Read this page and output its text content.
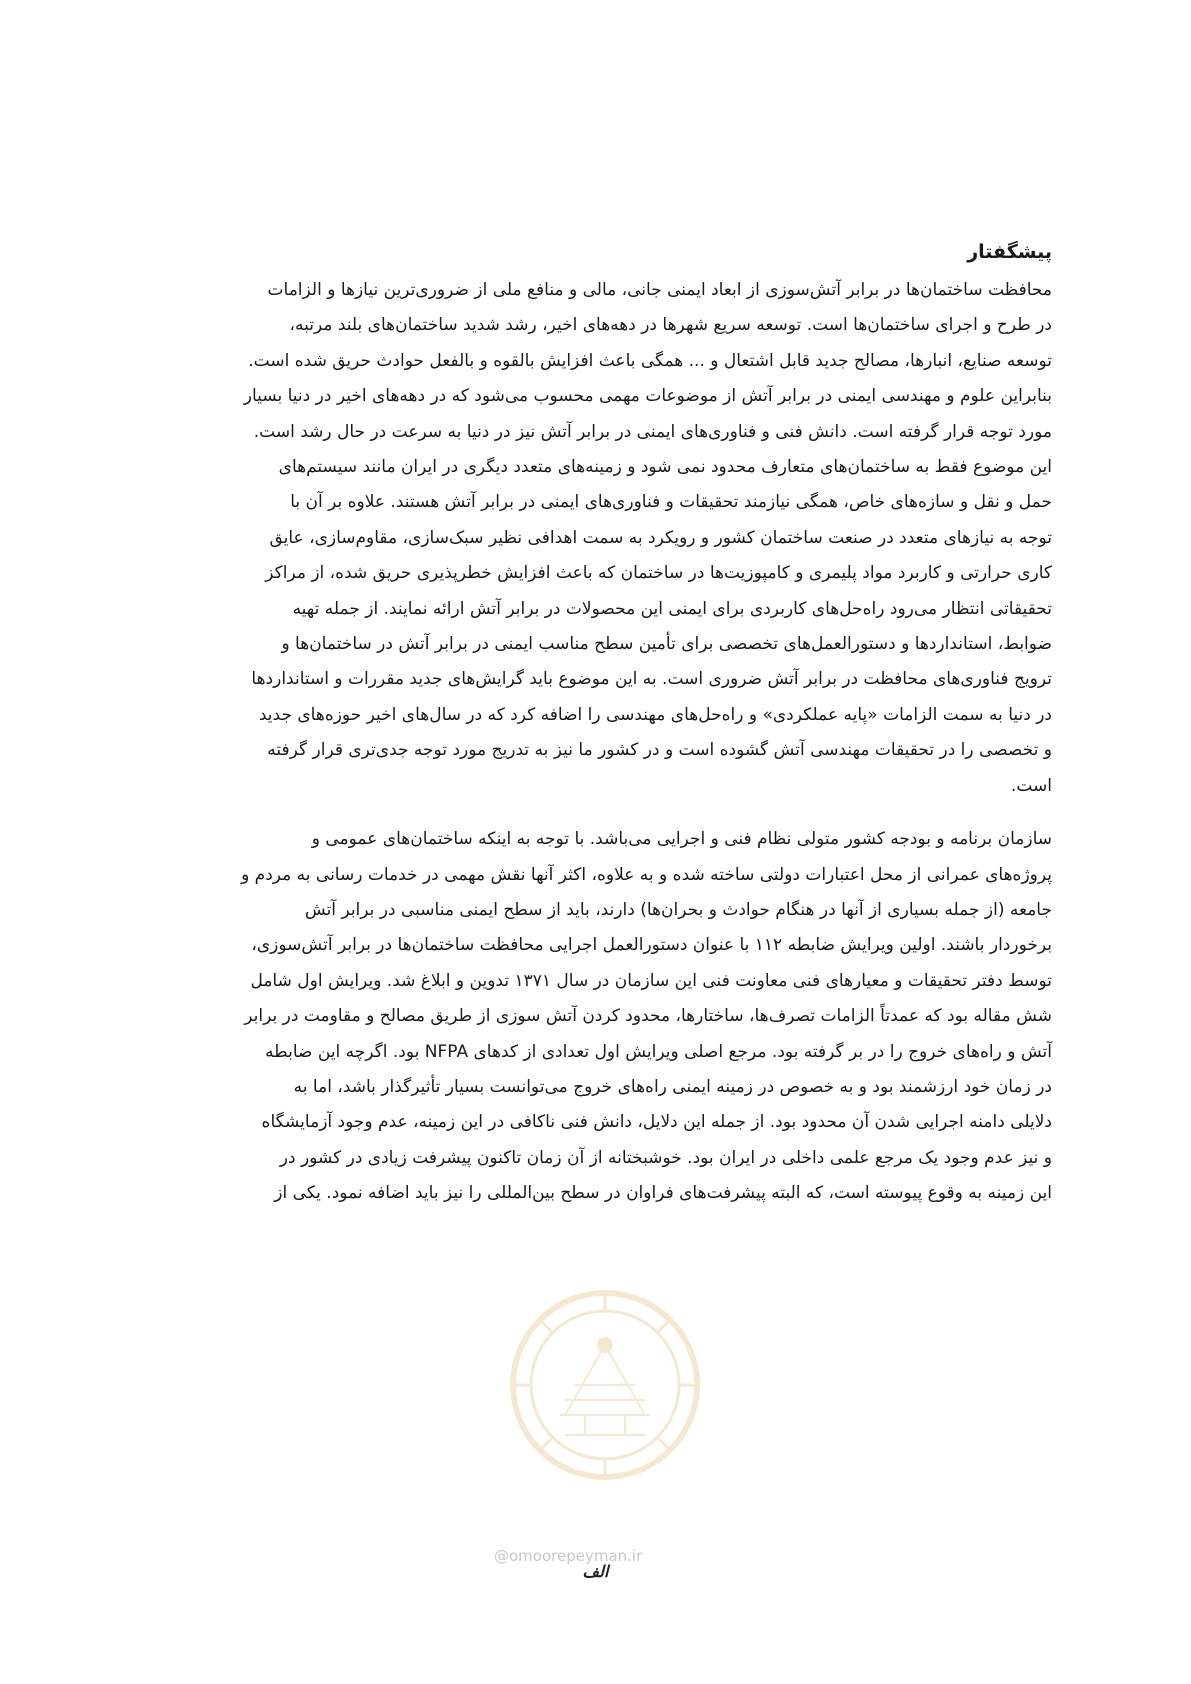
پیشگفتار

محافظت ساختمان‌ها در برابر آتش‌سوزی از ابعاد ایمنی جانی، مالی و منافع ملی از ضروری‌ترین نیازها و الزامات

در طرح و اجرای ساختمان‌ها است. توسعه سریع شهرها در دهه‌های اخیر، رشد شدید ساختمان‌های بلند مرتبه،

توسعه صنایع، انبارها، مصالح جدید قابل اشتعال و ... همگی باعث افزایش بالقوه و بالفعل حوادث حریق شده است.

بنابراین علوم و مهندسی ایمنی در برابر آتش از موضوعات مهمی محسوب می‌شود که در دهه‌های اخیر در دنیا بسیار

مورد توجه قرار گرفته است. دانش فنی و فناوری‌های ایمنی در برابر آتش نیز در دنیا به سرعت در حال رشد است.

این موضوع فقط به ساختمان‌های متعارف محدود نمی شود و زمینه‌های متعدد دیگری در ایران مانند سیستم‌های

حمل و نقل و سازه‌های خاص، همگی نیازمند تحقیقات و فناوری‌های ایمنی در برابر آتش هستند. علاوه بر آن با

توجه به نیازهای متعدد در صنعت ساختمان کشور و رویکرد به سمت اهدافی نظیر سبک‌سازی، مقاوم‌سازی، عایق

کاری حرارتی و کاربرد مواد پلیمری و کامپوزیت‌ها در ساختمان که باعث افزایش خطرپذیری حریق شده، از مراکز

تحقیقاتی انتظار می‌رود راه‌حل‌های کاربردی برای ایمنی این محصولات در برابر آتش ارائه نمایند. از جمله تهیه

ضوابط، استانداردها و دستورالعمل‌های تخصصی برای تأمین سطح مناسب ایمنی در برابر آتش در ساختمان‌ها و

ترویج فناوری‌های محافظت در برابر آتش ضروری است. به این موضوع باید گرایش‌های جدید مقررات و استانداردها

در دنیا به سمت الزامات «پایه عملکردی» و راه‌حل‌های مهندسی را اضافه کرد که در سال‌های اخیر حوزه‌های جدید

و تخصصی را در تحقیقات مهندسی آتش گشوده است و در کشور ما نیز به تدریج مورد توجه جدی‌تری قرار گرفته

است.

سازمان برنامه و بودجه کشور متولی نظام فنی و اجرایی می‌باشد. با توجه به اینکه ساختمان‌های عمومی و

پروژه‌های عمرانی از محل اعتبارات دولتی ساخته شده و به علاوه، اکثر آنها نقش مهمی در خدمات رسانی به مردم و

جامعه (از جمله بسیاری از آنها در هنگام حوادث و بحران‌ها) دارند، باید از سطح ایمنی مناسبی در برابر آتش

برخوردار باشند. اولین ویرایش ضابطه ۱۱۲ با عنوان دستورالعمل اجرایی محافظت ساختمان‌ها در برابر آتش‌سوزی،

توسط دفتر تحقیقات و معیارهای فنی معاونت فنی این سازمان در سال ۱۳۷۱ تدوین و ابلاغ شد. ویرایش اول شامل

شش مقاله بود که عمدتاً الزامات تصرف‌ها، ساختارها، محدود کردن آتش سوزی از طریق مصالح و مقاومت در برابر

آتش و راه‌های خروج را در بر گرفته بود. مرجع اصلی ویرایش اول تعدادی از کدهای NFPA بود. اگرچه این ضابطه

در زمان خود ارزشمند بود و به خصوص در زمینه ایمنی راه‌های خروج می‌توانست بسیار تأثیرگذار باشد، اما به

دلایلی دامنه اجرایی شدن آن محدود بود. از جمله این دلایل، دانش فنی ناکافی در این زمینه، عدم وجود آزمایشگاه

و نیز عدم وجود یک مرجع علمی داخلی در ایران بود. خوشبختانه از آن زمان تاکنون پیشرفت زیادی در کشور در

این زمینه به وقوع پیوسته است، که البته پیشرفت‌های فراوان در سطح بین‌المللی را نیز باید اضافه نمود. یکی از

@omoorepeyman.ir
الف
